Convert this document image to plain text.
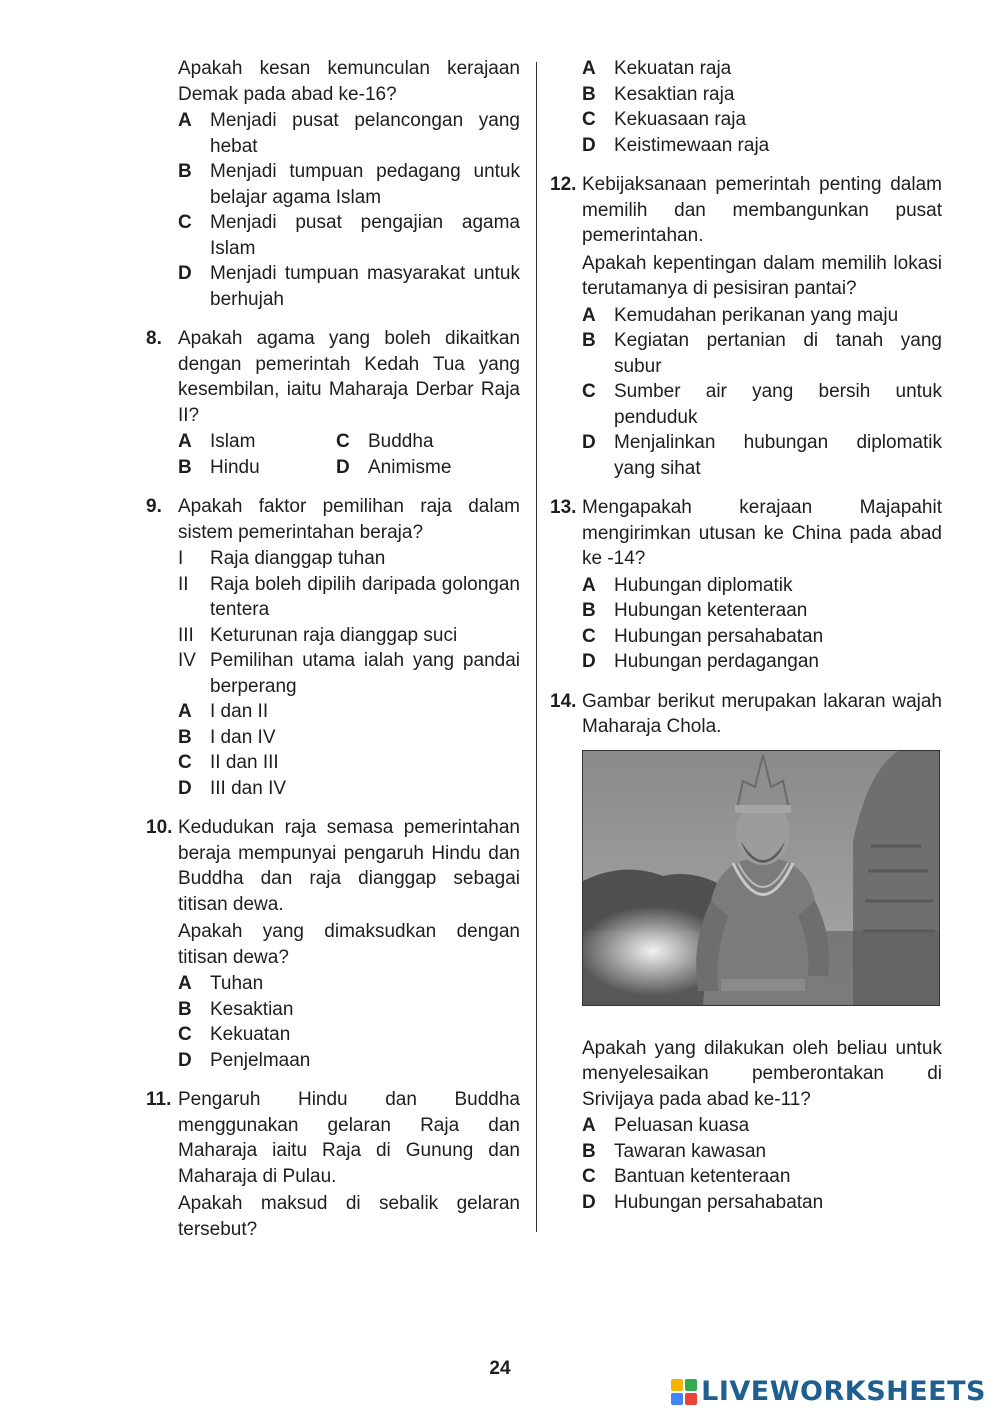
Apakah kesan kemunculan kerajaan Demak pada abad ke-16?
A Menjadi pusat pelancongan yang hebat
B Menjadi tumpuan pedagang untuk belajar agama Islam
C Menjadi pusat pengajian agama Islam
D Menjadi tumpuan masyarakat untuk berhujah
8. Apakah agama yang boleh dikaitkan dengan pemerintah Kedah Tua yang kesembilan, iaitu Maharaja Derbar Raja II?
A Islam	C Buddha
B Hindu	D Animisme
9. Apakah faktor pemilihan raja dalam sistem pemerintahan beraja?
I	Raja dianggap tuhan
II	Raja boleh dipilih daripada golongan tentera
III Keturunan raja dianggap suci
IV Pemilihan utama ialah yang pandai berperang
A I dan II
B I dan IV
C II dan III
D III dan IV
10. Kedudukan raja semasa pemerintahan beraja mempunyai pengaruh Hindu dan Buddha dan raja dianggap sebagai titisan dewa.
Apakah yang dimaksudkan dengan titisan dewa?
A Tuhan
B Kesaktian
C Kekuatan
D Penjelmaan
11. Pengaruh Hindu dan Buddha menggunakan gelaran Raja dan Maharaja iaitu Raja di Gunung dan Maharaja di Pulau.
Apakah maksud di sebalik gelaran tersebut?
A Kekuatan raja
B Kesaktian raja
C Kekuasaan raja
D Keistimewaan raja
12. Kebijaksanaan pemerintah penting dalam memilih dan membangunkan pusat pemerintahan.
Apakah kepentingan dalam memilih lokasi terutamanya di pesisiran pantai?
A Kemudahan perikanan yang maju
B Kegiatan pertanian di tanah yang subur
C Sumber air yang bersih untuk penduduk
D Menjalinkan hubungan diplomatik yang sihat
13. Mengapakah kerajaan Majapahit mengirimkan utusan ke China pada abad ke -14?
A Hubungan diplomatik
B Hubungan ketenteraan
C Hubungan persahabatan
D Hubungan perdagangan
14. Gambar berikut merupakan lakaran wajah Maharaja Chola.
Apakah yang dilakukan oleh beliau untuk menyelesaikan pemberontakan di Srivijaya pada abad ke-11?
A Peluasan kuasa
B Tawaran kawasan
C Bantuan ketenteraan
D Hubungan persahabatan
24
LIVEWORKSHEETS
